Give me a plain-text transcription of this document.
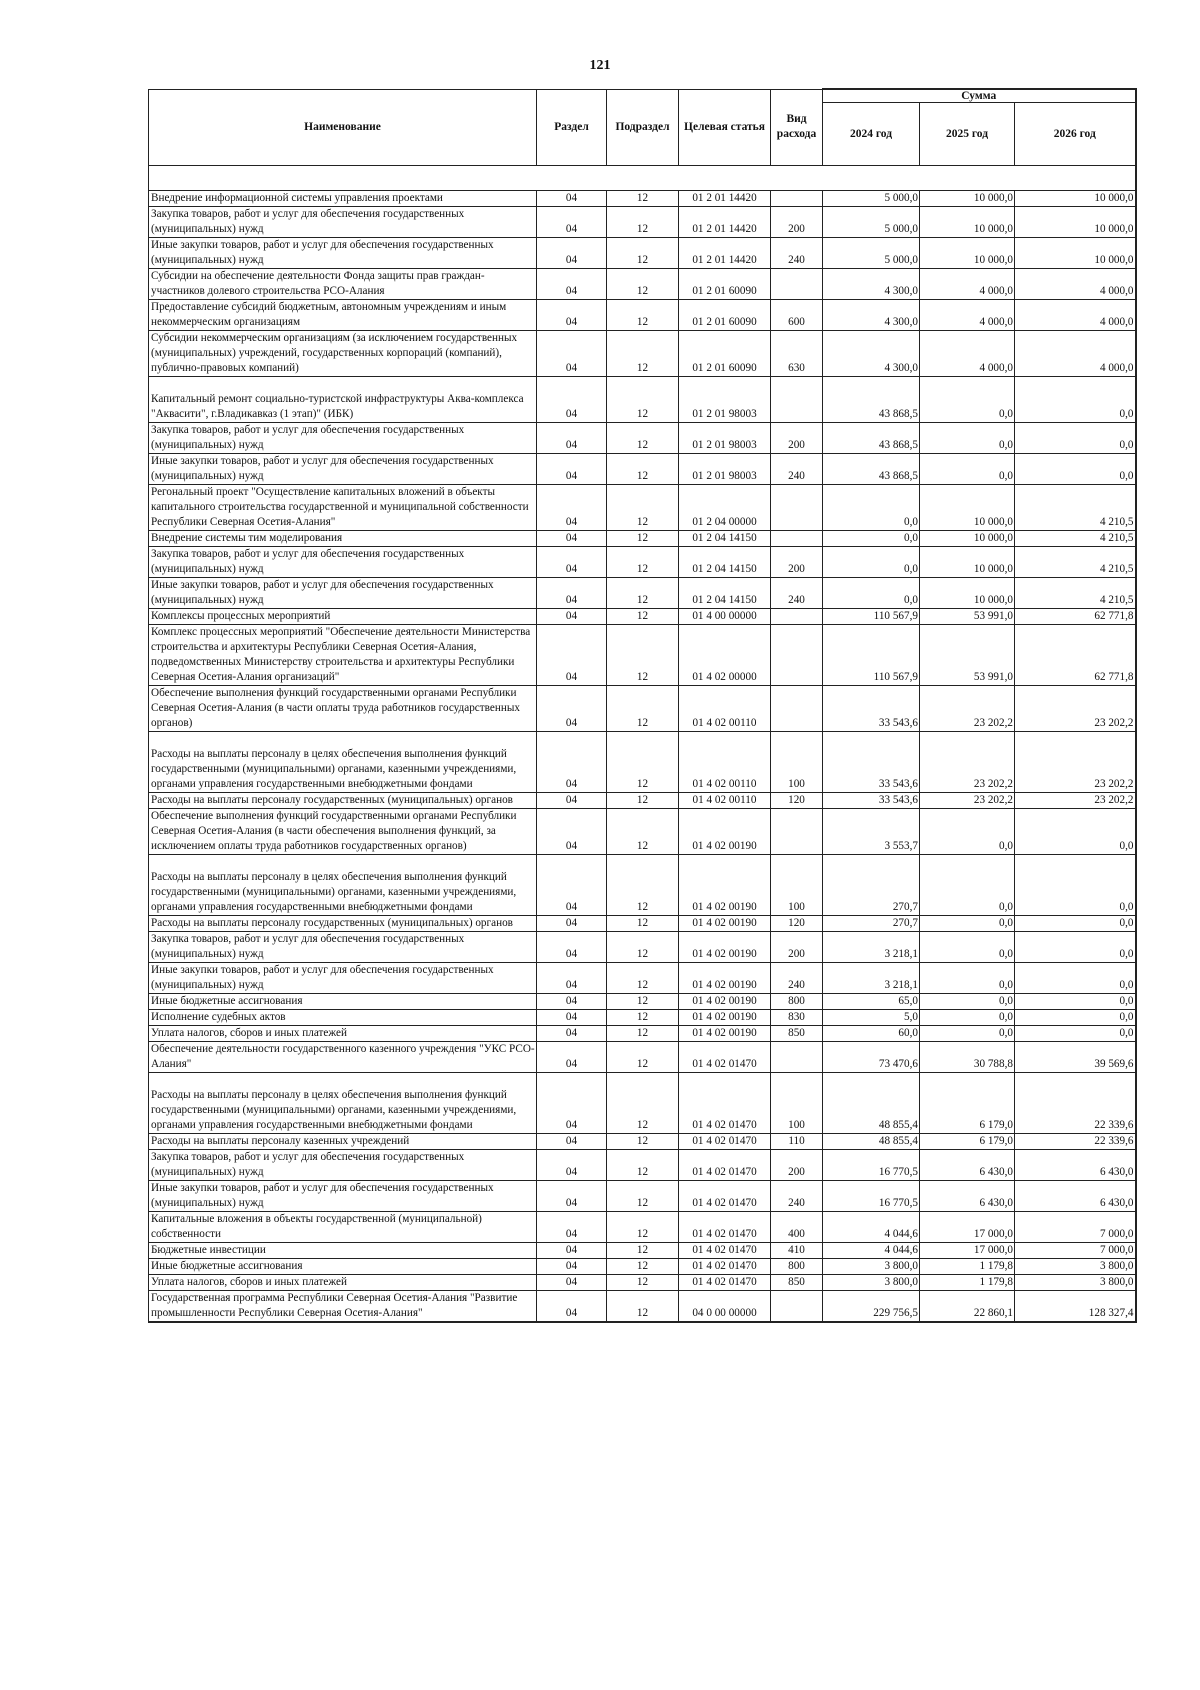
121
Наименование	Раздел	Подраздел	Целевая статья	Вид расхода	Сумма		
					2024 год	2025 год	2026 год

Внедрение информационной системы управления проектами	04	12	01 2 01 14420		5 000,0	10 000,0	10 000,0
Закупка товаров, работ и услуг для обеспечения государственных (муниципальных) нужд	04	12	01 2 01 14420	200	5 000,0	10 000,0	10 000,0
Иные закупки товаров, работ и услуг для обеспечения государственных (муниципальных) нужд	04	12	01 2 01 14420	240	5 000,0	10 000,0	10 000,0
Субсидии на обеспечение деятельности Фонда защиты прав граждан-участников долевого строительства РСО-Алания	04	12	01 2 01 60090		4 300,0	4 000,0	4 000,0
Предоставление субсидий бюджетным, автономным учреждениям и иным некоммерческим организациям	04	12	01 2 01 60090	600	4 300,0	4 000,0	4 000,0
Субсидии некоммерческим организациям (за исключением государственных (муниципальных) учреждений, государственных корпораций (компаний), публично-правовых компаний)	04	12	01 2 01 60090	630	4 300,0	4 000,0	4 000,0
Капитальный ремонт социально-туристской инфраструктуры Аква-комплекса "Аквасити", г.Владикавказ (1 этап)" (ИБК)	04	12	01 2 01 98003		43 868,5	0,0	0,0
Закупка товаров, работ и услуг для обеспечения государственных (муниципальных) нужд	04	12	01 2 01 98003	200	43 868,5	0,0	0,0
Иные закупки товаров, работ и услуг для обеспечения государственных (муниципальных) нужд	04	12	01 2 01 98003	240	43 868,5	0,0	0,0
Регональный проект "Осуществление капитальных вложений в объекты капитального строительства государственной и муниципальной собственности Республики Северная Осетия-Алания"	04	12	01 2 04 00000		0,0	10 000,0	4 210,5
Внедрение системы тим моделирования	04	12	01 2 04 14150		0,0	10 000,0	4 210,5
Закупка товаров, работ и услуг для обеспечения государственных (муниципальных) нужд	04	12	01 2 04 14150	200	0,0	10 000,0	4 210,5
Иные закупки товаров, работ и услуг для обеспечения государственных (муниципальных) нужд	04	12	01 2 04 14150	240	0,0	10 000,0	4 210,5
Комплексы процессных мероприятий	04	12	01 4 00 00000		110 567,9	53 991,0	62 771,8
Комплекс процессных мероприятий "Обеспечение деятельности Министерства строительства и архитектуры Республики Северная Осетия-Алания, подведомственных Министерству строительства и архитектуры Республики Северная Осетия-Алания организаций"	04	12	01 4 02 00000		110 567,9	53 991,0	62 771,8
Обеспечение выполнения функций государственными органами Республики Северная Осетия-Алания (в части оплаты труда работников государственных органов)	04	12	01 4 02 00110		33 543,6	23 202,2	23 202,2
Расходы на выплаты персоналу в целях обеспечения выполнения функций государственными (муниципальными) органами, казенными учреждениями, органами управления государственными внебюджетными фондами	04	12	01 4 02 00110	100	33 543,6	23 202,2	23 202,2
Расходы на выплаты персоналу государственных (муниципальных) органов	04	12	01 4 02 00110	120	33 543,6	23 202,2	23 202,2
Обеспечение выполнения функций государственными органами Республики Северная Осетия-Алания (в части обеспечения выполнения функций, за исключением оплаты труда работников государственных органов)	04	12	01 4 02 00190		3 553,7	0,0	0,0
Расходы на выплаты персоналу в целях обеспечения выполнения функций государственными (муниципальными) органами, казенными учреждениями, органами управления государственными внебюджетными фондами	04	12	01 4 02 00190	100	270,7	0,0	0,0
Расходы на выплаты персоналу государственных (муниципальных) органов	04	12	01 4 02 00190	120	270,7	0,0	0,0
Закупка товаров, работ и услуг для обеспечения государственных (муниципальных) нужд	04	12	01 4 02 00190	200	3 218,1	0,0	0,0
Иные закупки товаров, работ и услуг для обеспечения государственных (муниципальных) нужд	04	12	01 4 02 00190	240	3 218,1	0,0	0,0
Иные бюджетные ассигнования	04	12	01 4 02 00190	800	65,0	0,0	0,0
Исполнение судебных актов	04	12	01 4 02 00190	830	5,0	0,0	0,0
Уплата налогов, сборов и иных платежей	04	12	01 4 02 00190	850	60,0	0,0	0,0
Обеспечение деятельности государственного казенного учреждения "УКС РСО-Алания"	04	12	01 4 02 01470		73 470,6	30 788,8	39 569,6
Расходы на выплаты персоналу в целях обеспечения выполнения функций государственными (муниципальными) органами, казенными учреждениями, органами управления государственными внебюджетными фондами	04	12	01 4 02 01470	100	48 855,4	6 179,0	22 339,6
Расходы на выплаты персоналу казенных учреждений	04	12	01 4 02 01470	110	48 855,4	6 179,0	22 339,6
Закупка товаров, работ и услуг для обеспечения государственных (муниципальных) нужд	04	12	01 4 02 01470	200	16 770,5	6 430,0	6 430,0
Иные закупки товаров, работ и услуг для обеспечения государственных (муниципальных) нужд	04	12	01 4 02 01470	240	16 770,5	6 430,0	6 430,0
Капитальные вложения в объекты государственной (муниципальной) собственности	04	12	01 4 02 01470	400	4 044,6	17 000,0	7 000,0
Бюджетные инвестиции	04	12	01 4 02 01470	410	4 044,6	17 000,0	7 000,0
Иные бюджетные ассигнования	04	12	01 4 02 01470	800	3 800,0	1 179,8	3 800,0
Уплата налогов, сборов и иных платежей	04	12	01 4 02 01470	850	3 800,0	1 179,8	3 800,0
Государственная программа Республики Северная Осетия-Алания "Развитие промышленности Республики Северная Осетия-Алания"	04	12	04 0 00 00000		229 756,5	22 860,1	128 327,4
